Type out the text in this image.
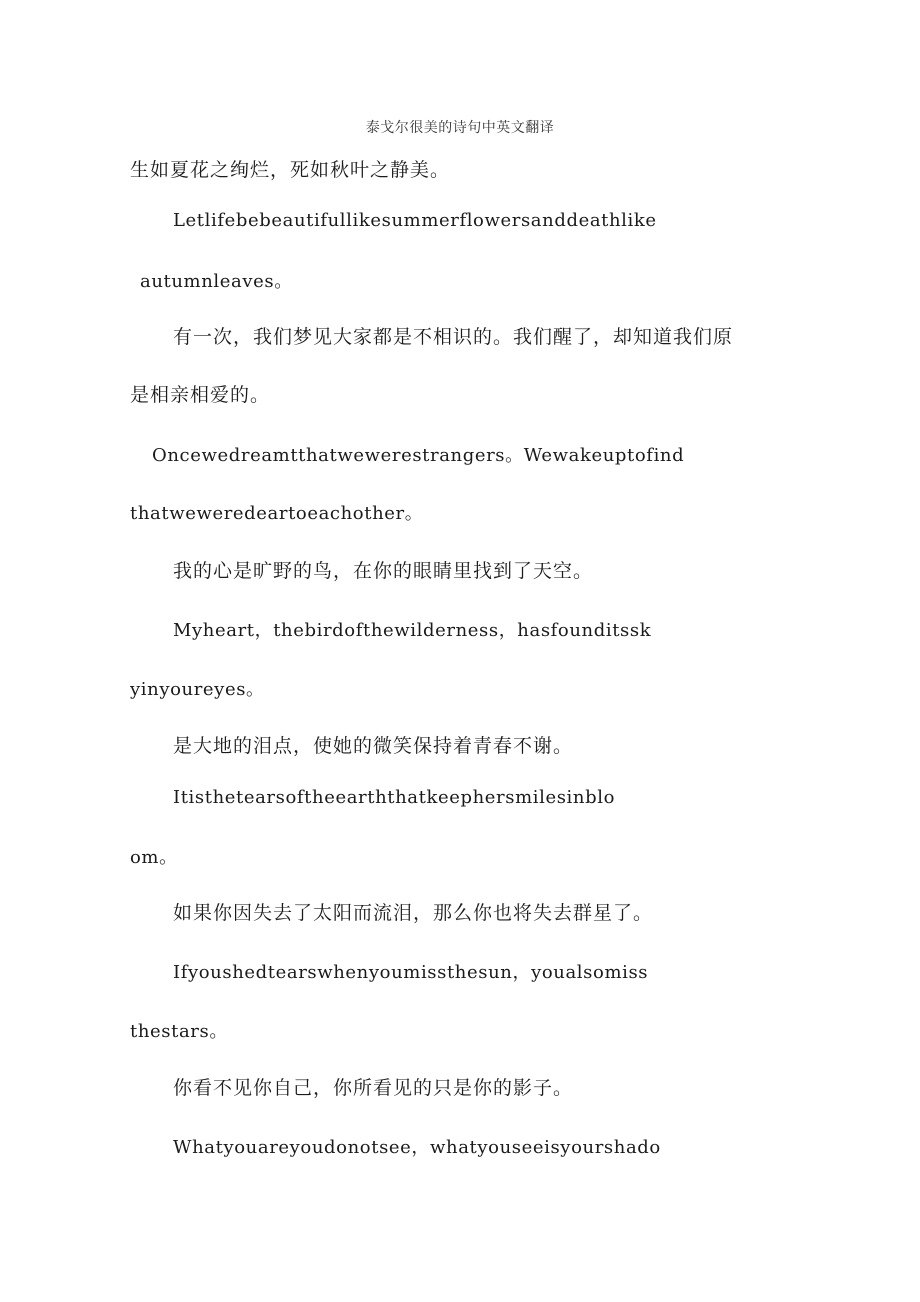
泰戈尔很美的诗句中英文翻译
生如夏花之绚烂，死如秋叶之静美。
Letlifebebeautifullikesummerflowersanddeathlike
autumnleaves。
有一次，我们梦见大家都是不相识的。我们醒了，却知道我们原
是相亲相爱的。
Oncewedreamtthatwewerestrangers。Wewakeuptofind
thatweweredeartoeachother。
我的心是旷野的鸟，在你的眼睛里找到了天空。
Myheart，thebirdofthewilderness，hasfounditssk
yinyoureyes。
是大地的泪点，使她的微笑保持着青春不谢。
Itisthetearsoftheearththatkeephersmilesinblo
om。
如果你因失去了太阳而流泪，那么你也将失去群星了。
Ifyoushedtearswhenyoumissthesun，youalsomiss
thestars。
你看不见你自己，你所看见的只是你的影子。
Whatyouareyoudonotsee，whatyouseeisyourshado
